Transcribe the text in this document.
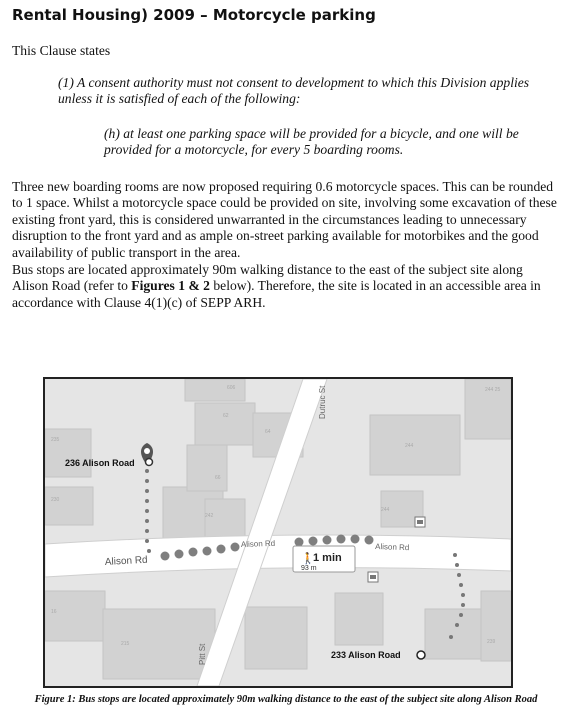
Rental Housing) 2009 – Motorcycle parking

This Clause states

(1) A consent authority must not consent to development to which this Division applies unless it is satisfied of each of the following:

(h) at least one parking space will be provided for a bicycle, and one will be provided for a motorcycle, for every 5 boarding rooms.

Three new boarding rooms are now proposed requiring 0.6 motorcycle spaces. This can be rounded to 1 space. Whilst a motorcycle space could be provided on site, involving some excavation of these existing front yard, this is considered unwarranted in the circumstances leading to unnecessary disruption to the front yard and as ample on-street parking available for motorbikes and the good availability of public transport in the area.

Bus stops are located approximately 90m walking distance to the east of the subject site along Alison Road (refer to Figures 1 & 2 below). Therefore, the site is located in an accessible area in accordance with Clause 4(1)(c) of SEPP ARH.

🚶
1 min
93 m
Alison Rd
Alison Rd	Alison Rd
Dutruc St
Pitt St
606
62
64
235
230
66
242
244
244 25
244
215	239
16
236 Alison Road
233 Alison Road

Figure 1: Bus stops are located approximately 90m walking distance to the east of the subject site along Alison Road
